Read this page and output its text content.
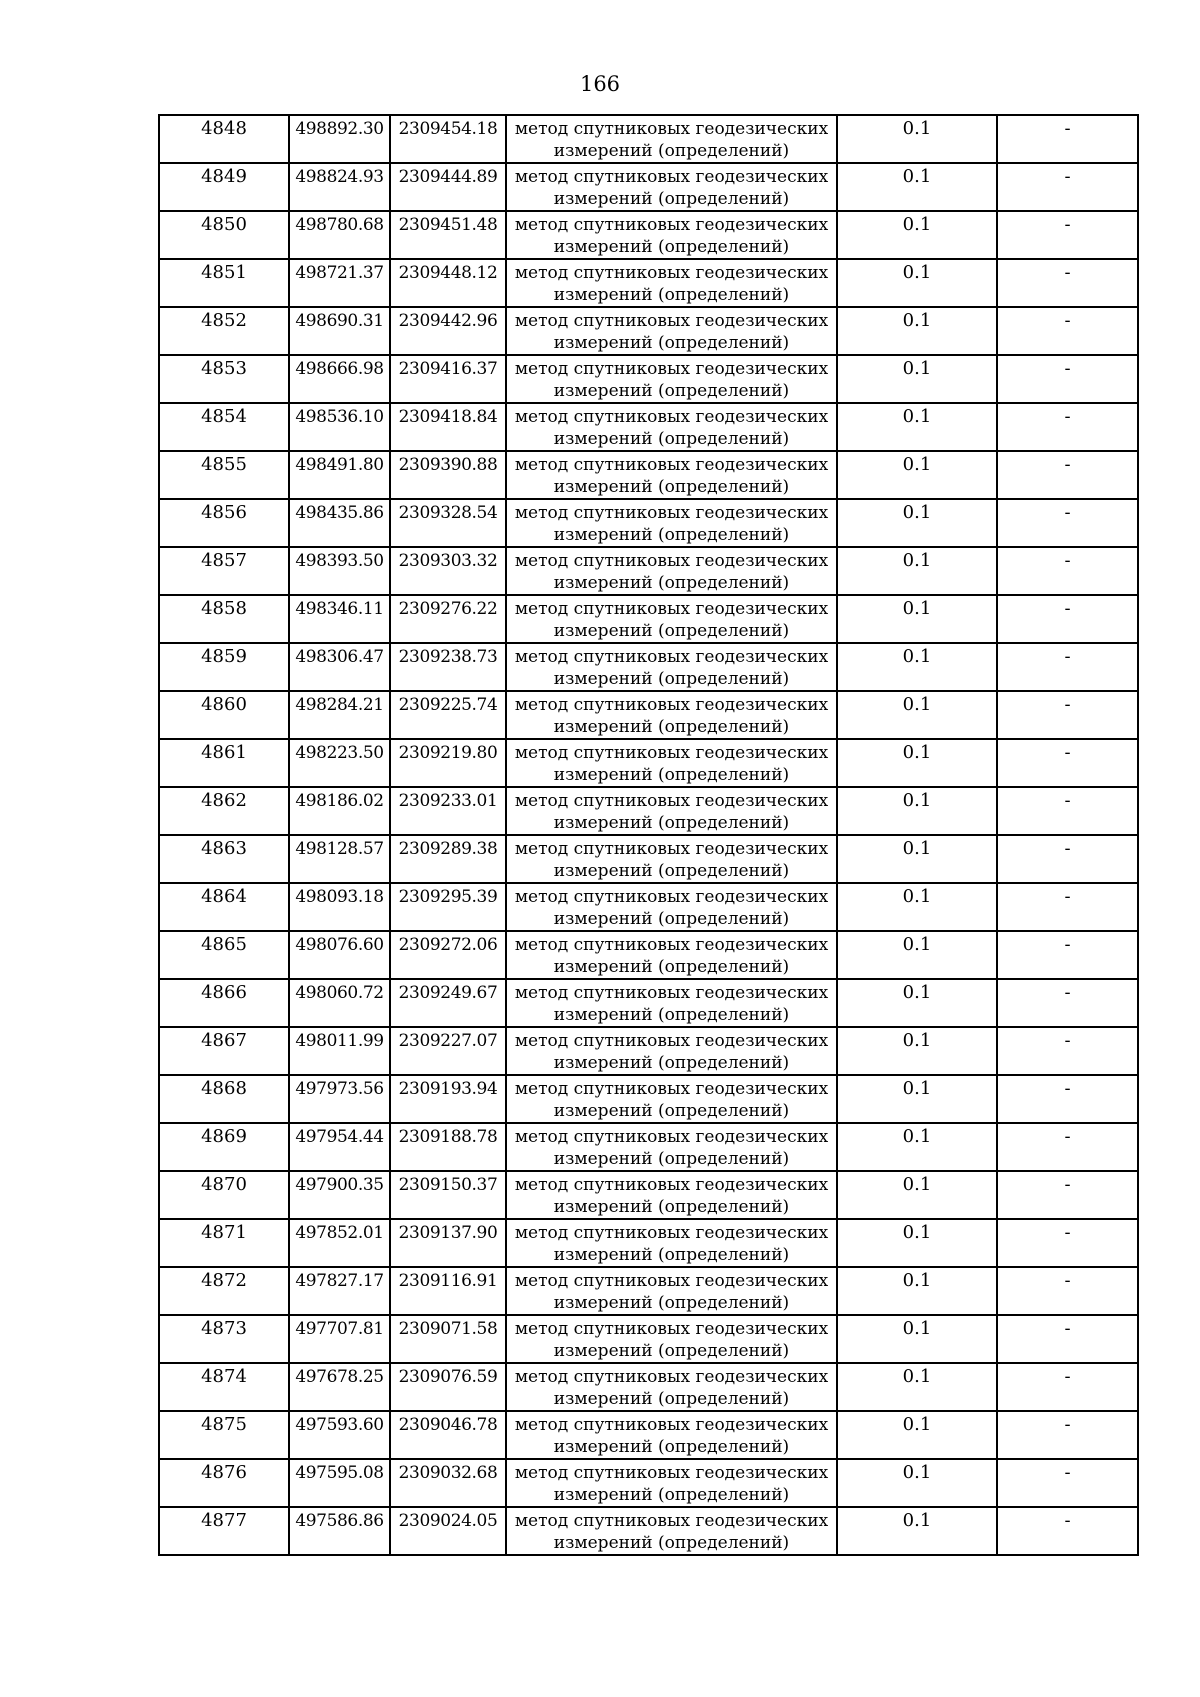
166
4848	498892.30	2309454.18	метод спутниковых геодезических
измерений (определений)	0.1	-
4849	498824.93	2309444.89	метод спутниковых геодезических
измерений (определений)	0.1	-
4850	498780.68	2309451.48	метод спутниковых геодезических
измерений (определений)	0.1	-
4851	498721.37	2309448.12	метод спутниковых геодезических
измерений (определений)	0.1	-
4852	498690.31	2309442.96	метод спутниковых геодезических
измерений (определений)	0.1	-
4853	498666.98	2309416.37	метод спутниковых геодезических
измерений (определений)	0.1	-
4854	498536.10	2309418.84	метод спутниковых геодезических
измерений (определений)	0.1	-
4855	498491.80	2309390.88	метод спутниковых геодезических
измерений (определений)	0.1	-
4856	498435.86	2309328.54	метод спутниковых геодезических
измерений (определений)	0.1	-
4857	498393.50	2309303.32	метод спутниковых геодезических
измерений (определений)	0.1	-
4858	498346.11	2309276.22	метод спутниковых геодезических
измерений (определений)	0.1	-
4859	498306.47	2309238.73	метод спутниковых геодезических
измерений (определений)	0.1	-
4860	498284.21	2309225.74	метод спутниковых геодезических
измерений (определений)	0.1	-
4861	498223.50	2309219.80	метод спутниковых геодезических
измерений (определений)	0.1	-
4862	498186.02	2309233.01	метод спутниковых геодезических
измерений (определений)	0.1	-
4863	498128.57	2309289.38	метод спутниковых геодезических
измерений (определений)	0.1	-
4864	498093.18	2309295.39	метод спутниковых геодезических
измерений (определений)	0.1	-
4865	498076.60	2309272.06	метод спутниковых геодезических
измерений (определений)	0.1	-
4866	498060.72	2309249.67	метод спутниковых геодезических
измерений (определений)	0.1	-
4867	498011.99	2309227.07	метод спутниковых геодезических
измерений (определений)	0.1	-
4868	497973.56	2309193.94	метод спутниковых геодезических
измерений (определений)	0.1	-
4869	497954.44	2309188.78	метод спутниковых геодезических
измерений (определений)	0.1	-
4870	497900.35	2309150.37	метод спутниковых геодезических
измерений (определений)	0.1	-
4871	497852.01	2309137.90	метод спутниковых геодезических
измерений (определений)	0.1	-
4872	497827.17	2309116.91	метод спутниковых геодезических
измерений (определений)	0.1	-
4873	497707.81	2309071.58	метод спутниковых геодезических
измерений (определений)	0.1	-
4874	497678.25	2309076.59	метод спутниковых геодезических
измерений (определений)	0.1	-
4875	497593.60	2309046.78	метод спутниковых геодезических
измерений (определений)	0.1	-
4876	497595.08	2309032.68	метод спутниковых геодезических
измерений (определений)	0.1	-
4877	497586.86	2309024.05	метод спутниковых геодезических
измерений (определений)	0.1	-
